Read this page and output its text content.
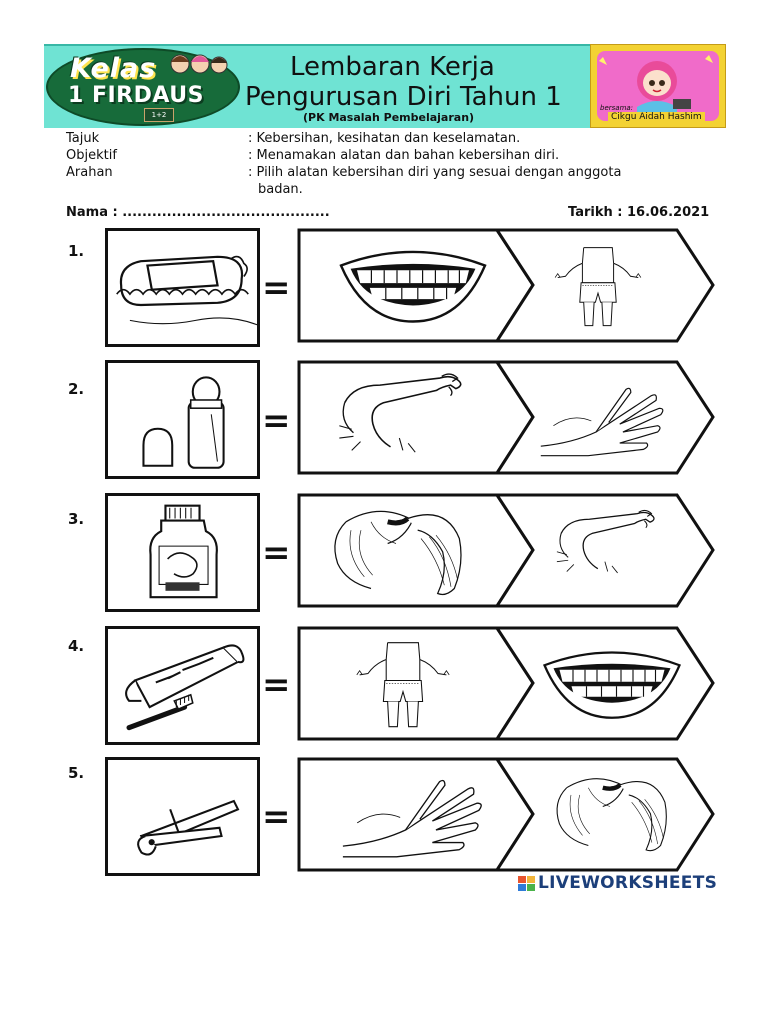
Kelas
1 FIRDAUS
1+2
Lembaran Kerja
Pengurusan Diri Tahun 1
(PK Masalah Pembelajaran)
bersama:
Cikgu Aidah Hashim
Tajuk	: Kebersihan, kesihatan dan keselamatan.
Objektif	: Menamakan alatan dan bahan kebersihan diri.
Arahan	: Pilih alatan kebersihan diri yang sesuai dengan anggota
badan.
Nama : ..........................................	Tarikh : 16.06.2021
1.
=
2.
=
3.
=
4.
=
5.
=
LIVEWORKSHEETS
